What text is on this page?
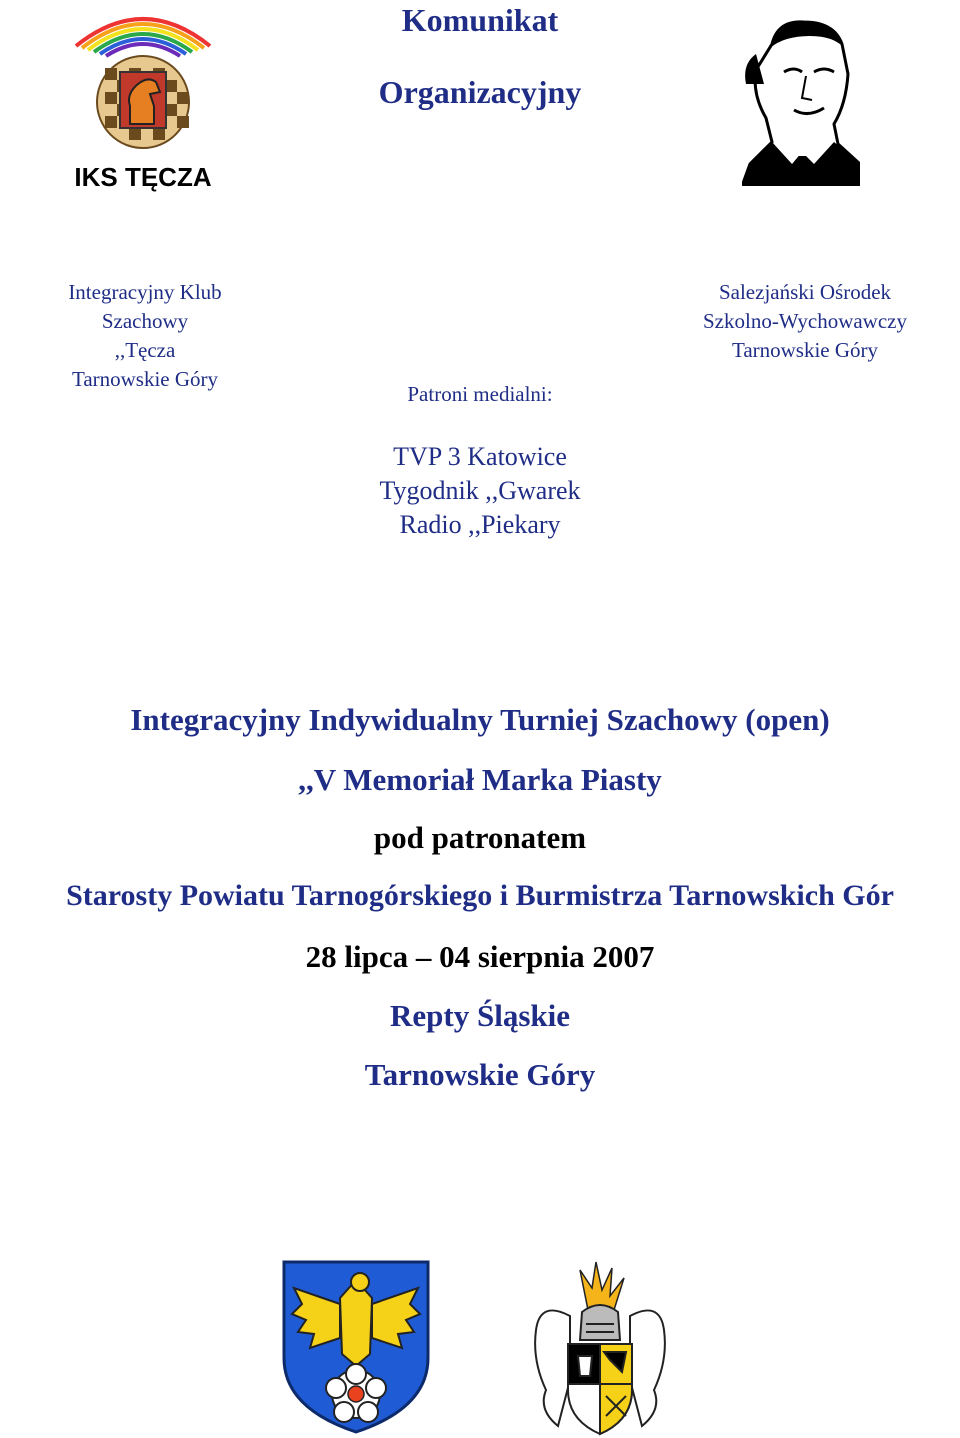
Komunikat
Organizacyjny
IKS TĘCZA
Integracyjny Klub
Szachowy
,,Tęcza
Tarnowskie Góry
Salezjański Ośrodek
Szkolno-Wychowawczy
Tarnowskie Góry
Patroni medialni:
TVP 3 Katowice
Tygodnik ,,Gwarek
Radio ,,Piekary
Integracyjny Indywidualny Turniej Szachowy (open)
,,V Memoriał Marka Piasty
pod patronatem
Starosty Powiatu Tarnogórskiego i Burmistrza Tarnowskich Gór
28 lipca – 04 sierpnia 2007
Repty Śląskie
Tarnowskie Góry
